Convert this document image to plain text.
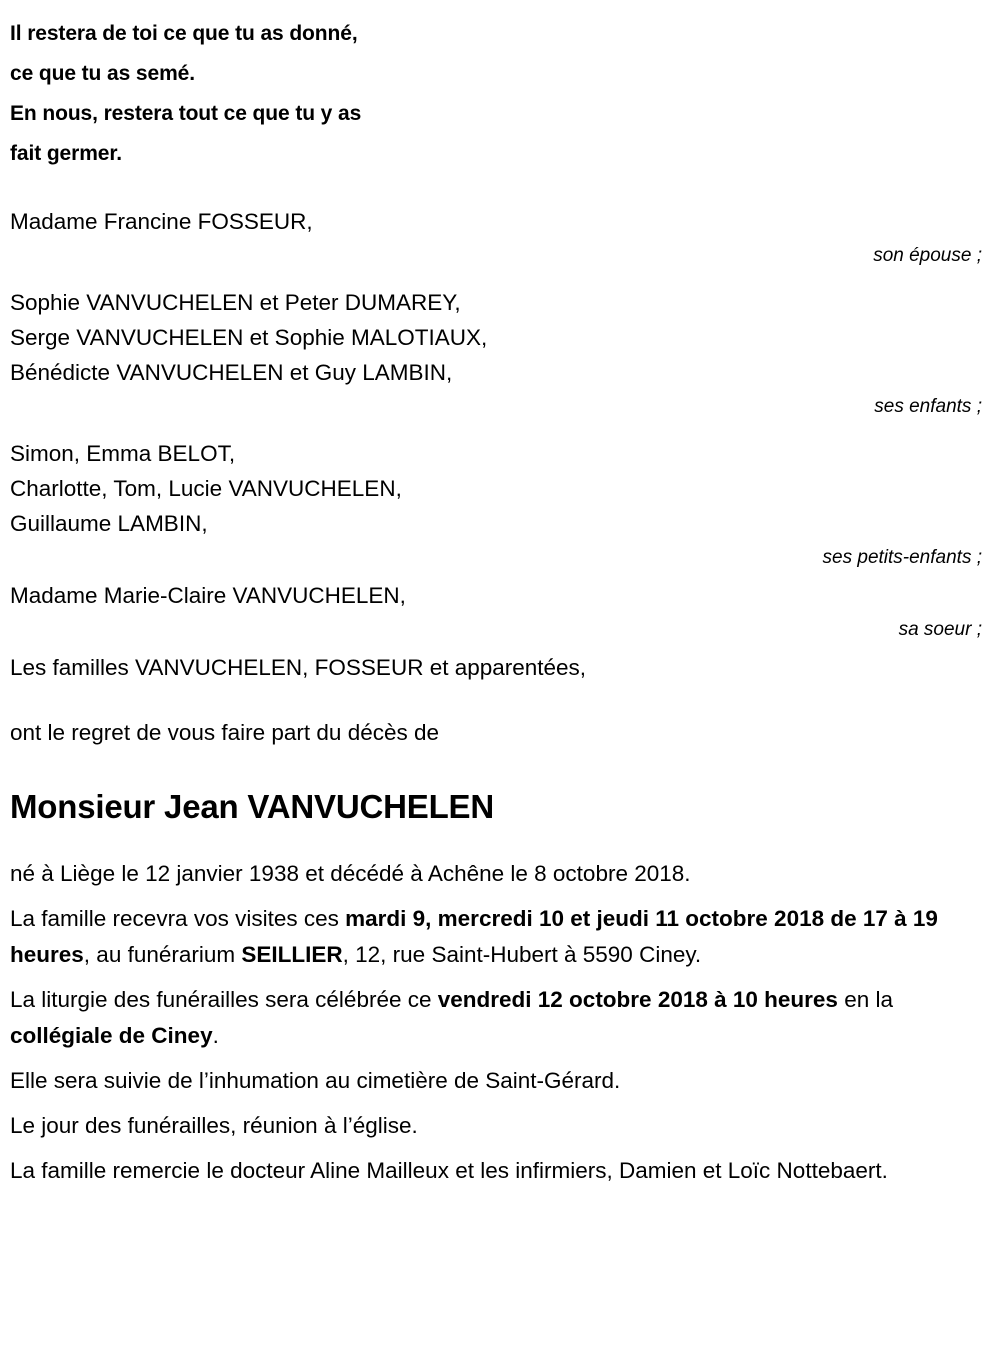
Il restera de toi ce que tu as donné,
ce que tu as semé.
En nous, restera tout ce que tu y as
fait germer.
Madame Francine FOSSEUR,
son épouse ;
Sophie VANVUCHELEN et Peter DUMAREY,
Serge VANVUCHELEN et Sophie MALOTIAUX,
Bénédicte VANVUCHELEN et Guy LAMBIN,
ses enfants ;
Simon, Emma BELOT,
Charlotte, Tom, Lucie VANVUCHELEN,
Guillaume LAMBIN,
ses petits-enfants ;
Madame Marie-Claire VANVUCHELEN,
sa soeur ;
Les familles VANVUCHELEN, FOSSEUR et apparentées,
ont le regret de vous faire part du décès de
Monsieur Jean VANVUCHELEN
né à Liège le 12 janvier 1938 et décédé à Achêne le 8 octobre 2018.
La famille recevra vos visites ces mardi 9, mercredi 10 et jeudi 11 octobre 2018 de 17 à 19 heures, au funérarium SEILLIER, 12, rue Saint-Hubert à 5590 Ciney.
La liturgie des funérailles sera célébrée ce vendredi 12 octobre 2018 à 10 heures en la collégiale de Ciney.
Elle sera suivie de l’inhumation au cimetière de Saint-Gérard.
Le jour des funérailles, réunion à l’église.
La famille remercie le docteur Aline Mailleux et les infirmiers, Damien et Loïc Nottebaert.
